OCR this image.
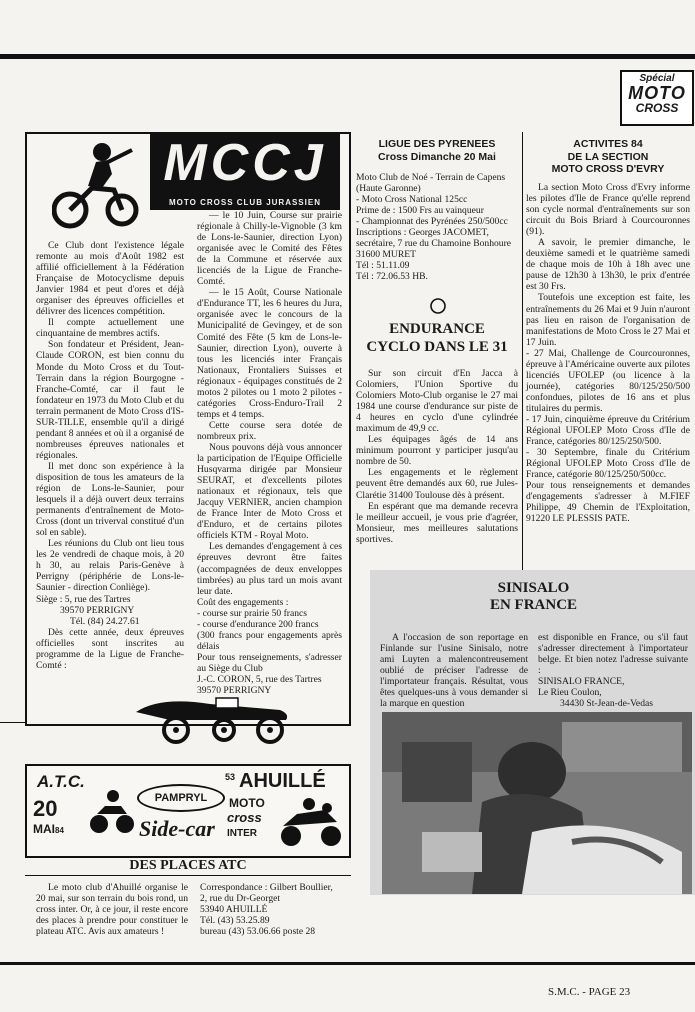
Spécial
MOTO
CROSS
MCCJ
MOTO CROSS CLUB JURASSIEN

Ce Club dont l'existence légale remonte au mois d'Août 1982 est affilié officiellement à la Fédération Française de Motocyclisme depuis Janvier 1984 et peut d'ores et déjà organiser des épreuves officielles et délivrer des licences compétition.

Il compte actuellement une cinquantaine de membres actifs.

Son fondateur et Président, Jean-Claude CORON, est bien connu du Monde du Moto Cross et du Tout-Terrain dans la région Bourgogne - Franche-Comté, car il faut le fondateur en 1973 du Moto Club et du terrain permanent de Moto Cross d'IS-SUR-TILLE, ensemble qu'il a dirigé pendant 8 années et où il a organisé de nombreuses épreuves nationales et régionales.

Il met donc son expérience à la disposition de tous les amateurs de la région de Lons-le-Saunier, pour lesquels il a déjà ouvert deux terrains permanents d'entraînement de Moto-Cross (dont un triverval constitué d'un sol en sable).

Les réunions du Club ont lieu tous les 2e vendredi de chaque mois, à 20 h 30, au relais Paris-Genève à Perrigny (périphérie de Lons-le-Saunier - direction Conliège).

Siège : 5, rue des Tartres

39570 PERRIGNY

Tél. (84) 24.27.61

Dès cette année, deux épreuves officielles sont inscrites au programme de la Ligue de Franche-Comté :

— le 10 Juin, Course sur prairie régionale à Chilly-le-Vignoble (3 km de Lons-le-Saunier, direction Lyon) organisée avec le Comité des Fêtes de la Commune et réservée aux licenciés de la Ligue de Franche-Comté.

— le 15 Août, Course Nationale d'Endurance TT, les 6 heures du Jura, organisée avec le concours de la Municipalité de Gevingey, et de son Comité des Fête (5 km de Lons-le-Saunier, direction Lyon), ouverte à tous les licenciés inter Français Nationaux, Frontaliers Suisses et régionaux - équipages constitués de 2 motos 2 pilotes ou 1 moto 2 pilotes - catégories Cross-Enduro-Trail 2 temps et 4 temps.

Cette course sera dotée de nombreux prix.

Nous pouvons déjà vous annoncer la participation de l'Equipe Officielle Husqvarma dirigée par Monsieur SEURAT, et d'excellents pilotes nationaux et régionaux, tels que Jacquy VERNIER, ancien champion de France Inter de Moto Cross et d'Enduro, et de certains pilotes officiels KTM - Royal Moto.

Les demandes d'engagement à ces épreuves devront être faites (accompagnées de deux enveloppes timbrées) au plus tard un mois avant leur date.

Coût des engagements :

- course sur prairie 50 francs

- course d'endurance 200 francs

(300 francs pour engagements après délais

Pour tous renseignements, s'adresser au Siège du Club

J.-C. CORON, 5, rue des Tartres

39570 PERRIGNY

LIGUE DES PYRENEES
Cross Dimanche 20 Mai

Moto Club de Noé - Terrain de Capens (Haute Garonne)

- Moto Cross National 125cc

Prime de : 1500 Frs au vainqueur

- Championnat des Pyrénées 250/500cc

Inscriptions : Georges JACOMET, secrétaire, 7 rue du Chamoine Bonhoure 31600 MURET

Tél : 51.11.09

Tél : 72.06.53 HB.

ENDURANCE
CYCLO DANS LE 31

Sur son circuit d'En Jacca à Colomiers, l'Union Sportive du Colomiers Moto-Club organise le 27 mai 1984 une course d'endurance sur piste de 4 heures en cyclo d'une cylindrée maximum de 49,9 cc.

Les équipages âgés de 14 ans minimum pourront y participer jusqu'au nombre de 50.

Les engagements et le règlement peuvent être demandés aux 60, rue Jules-Clarétie 31400 Toulouse dès à présent.

En espérant que ma demande recevra le meilleur accueil, je vous prie d'agréer, Monsieur, mes meilleures salutations sportives.

ACTIVITES 84
DE LA SECTION
MOTO CROSS D'EVRY

La section Moto Cross d'Evry informe les pilotes d'Ile de France qu'elle reprend son cycle normal d'entraînements sur son circuit du Bois Briard à Courcouronnes (91).

A savoir, le premier dimanche, le deuxième samedi et le quatrième samedi de chaque mois de 10h à 18h avec une pause de 12h30 à 13h30, le prix d'entrée est 30 Frs.

Toutefois une exception est faite, les entraînements du 26 Mai et 9 Juin n'auront pas lieu en raison de l'organisation de manifestations de Moto Cross le 27 Mai et 17 Juin.

- 27 Mai, Challenge de Courcouronnes, épreuve à l'Américaine ouverte aux pilotes licenciés UFOLEP (ou licence à la journée), catégories 80/125/250/500 confondues, pilotes de 16 ans et plus titulaires du permis.

- 17 Juin, cinquième épreuve du Critérium Régional UFOLEP Moto Cross d'Ile de France, catégories 80/125/250/500.

- 30 Septembre, finale du Critérium Régional UFOLEP Moto Cross d'Ile de France, catégorie 80/125/250/500cc.

Pour tous renseignements et demandes d'engagements s'adresser à M.FIEF Philippe, 49 Chemin de l'Exploitation, 91220 LE PLESSIS PATE.

SINISALO
EN FRANCE

A l'occasion de son reportage en Finlande sur l'usine Sinisalo, notre ami Luyten a malencontreusement oublié de préciser l'adresse de l'importateur français. Résultat, vous êtes quelques-uns à vous demander si la marque en question

est disponible en France, ou s'il faut s'adresser directement à l'importateur belge. Et bien notez l'adresse suivante :

SINISALO FRANCE,

Le Rieu Coulon,

34430 St-Jean-de-Vedas

A.T.C.
20
MAI84
PAMPRYL
Side-car
53 AHUILLÉ
MOTO
cross
INTER
DES PLACES ATC

Le moto club d'Ahuillé organise le 20 mai, sur son terrain du bois rond, un cross inter. Or, à ce jour, il reste encore des places à prendre pour constituer le plateau ATC. Avis aux amateurs !

Correspondance : Gilbert Boullier,

2, rue du Dr-Georget

53940 AHUILLÉ

Tél. (43) 53.25.89

bureau (43) 53.06.66 poste 28

S.M.C. - PAGE 23
